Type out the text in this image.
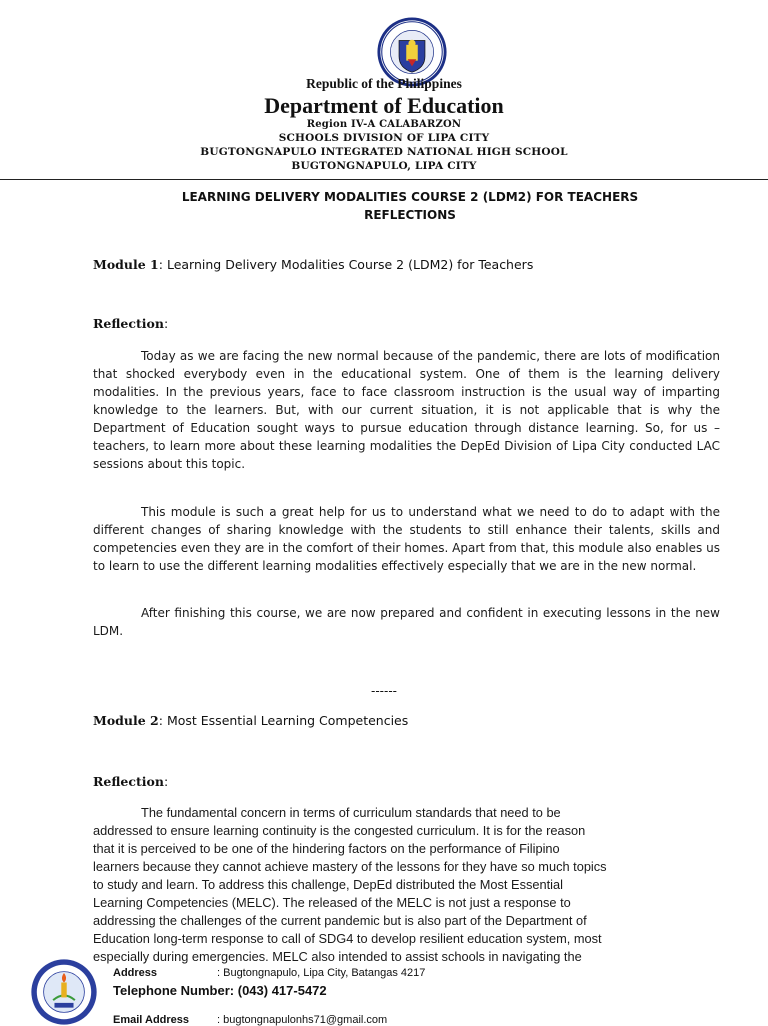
Republic of the Philippines
Department of Education
Region IV-A CALABARZON
SCHOOLS DIVISION OF LIPA CITY
BUGTONGNAPULO INTEGRATED NATIONAL HIGH SCHOOL
BUGTONGNAPULO, LIPA CITY
LEARNING DELIVERY MODALITIES COURSE 2 (LDM2) FOR TEACHERS
REFLECTIONS
Module 1: Learning Delivery Modalities Course 2 (LDM2) for Teachers
Reflection:
Today as we are facing the new normal because of the pandemic, there are lots of modification that shocked everybody even in the educational system. One of them is the learning delivery modalities. In the previous years, face to face classroom instruction is the usual way of imparting knowledge to the learners. But, with our current situation, it is not applicable that is why the Department of Education sought ways to pursue education through distance learning. So, for us – teachers, to learn more about these learning modalities the DepEd Division of Lipa City conducted LAC sessions about this topic.
This module is such a great help for us to understand what we need to do to adapt with the different changes of sharing knowledge with the students to still enhance their talents, skills and competencies even they are in the comfort of their homes. Apart from that, this module also enables us to learn to use the different learning modalities effectively especially that we are in the new normal.
After finishing this course, we are now prepared and confident in executing lessons in the new LDM.
------
Module 2: Most Essential Learning Competencies
Reflection:
The fundamental concern in terms of curriculum standards that need to be
addressed to ensure learning continuity is the congested curriculum. It is for the reason
that it is perceived to be one of the hindering factors on the performance of Filipino
learners because they cannot achieve mastery of the lessons for they have so much topics
to study and learn. To address this challenge, DepEd distributed the Most Essential
Learning Competencies (MELC). The released of the MELC is not just a response to
addressing the challenges of the current pandemic but is also part of the Department of
Education long-term response to call of SDG4 to develop resilient education system, most
especially during emergencies. MELC also intended to assist schools in navigating the
Address	: Bugtongnapulo, Lipa City, Batangas 4217
Telephone Number: (043) 417-5472
Email Address	: bugtongnapulonhs71@gmail.com
